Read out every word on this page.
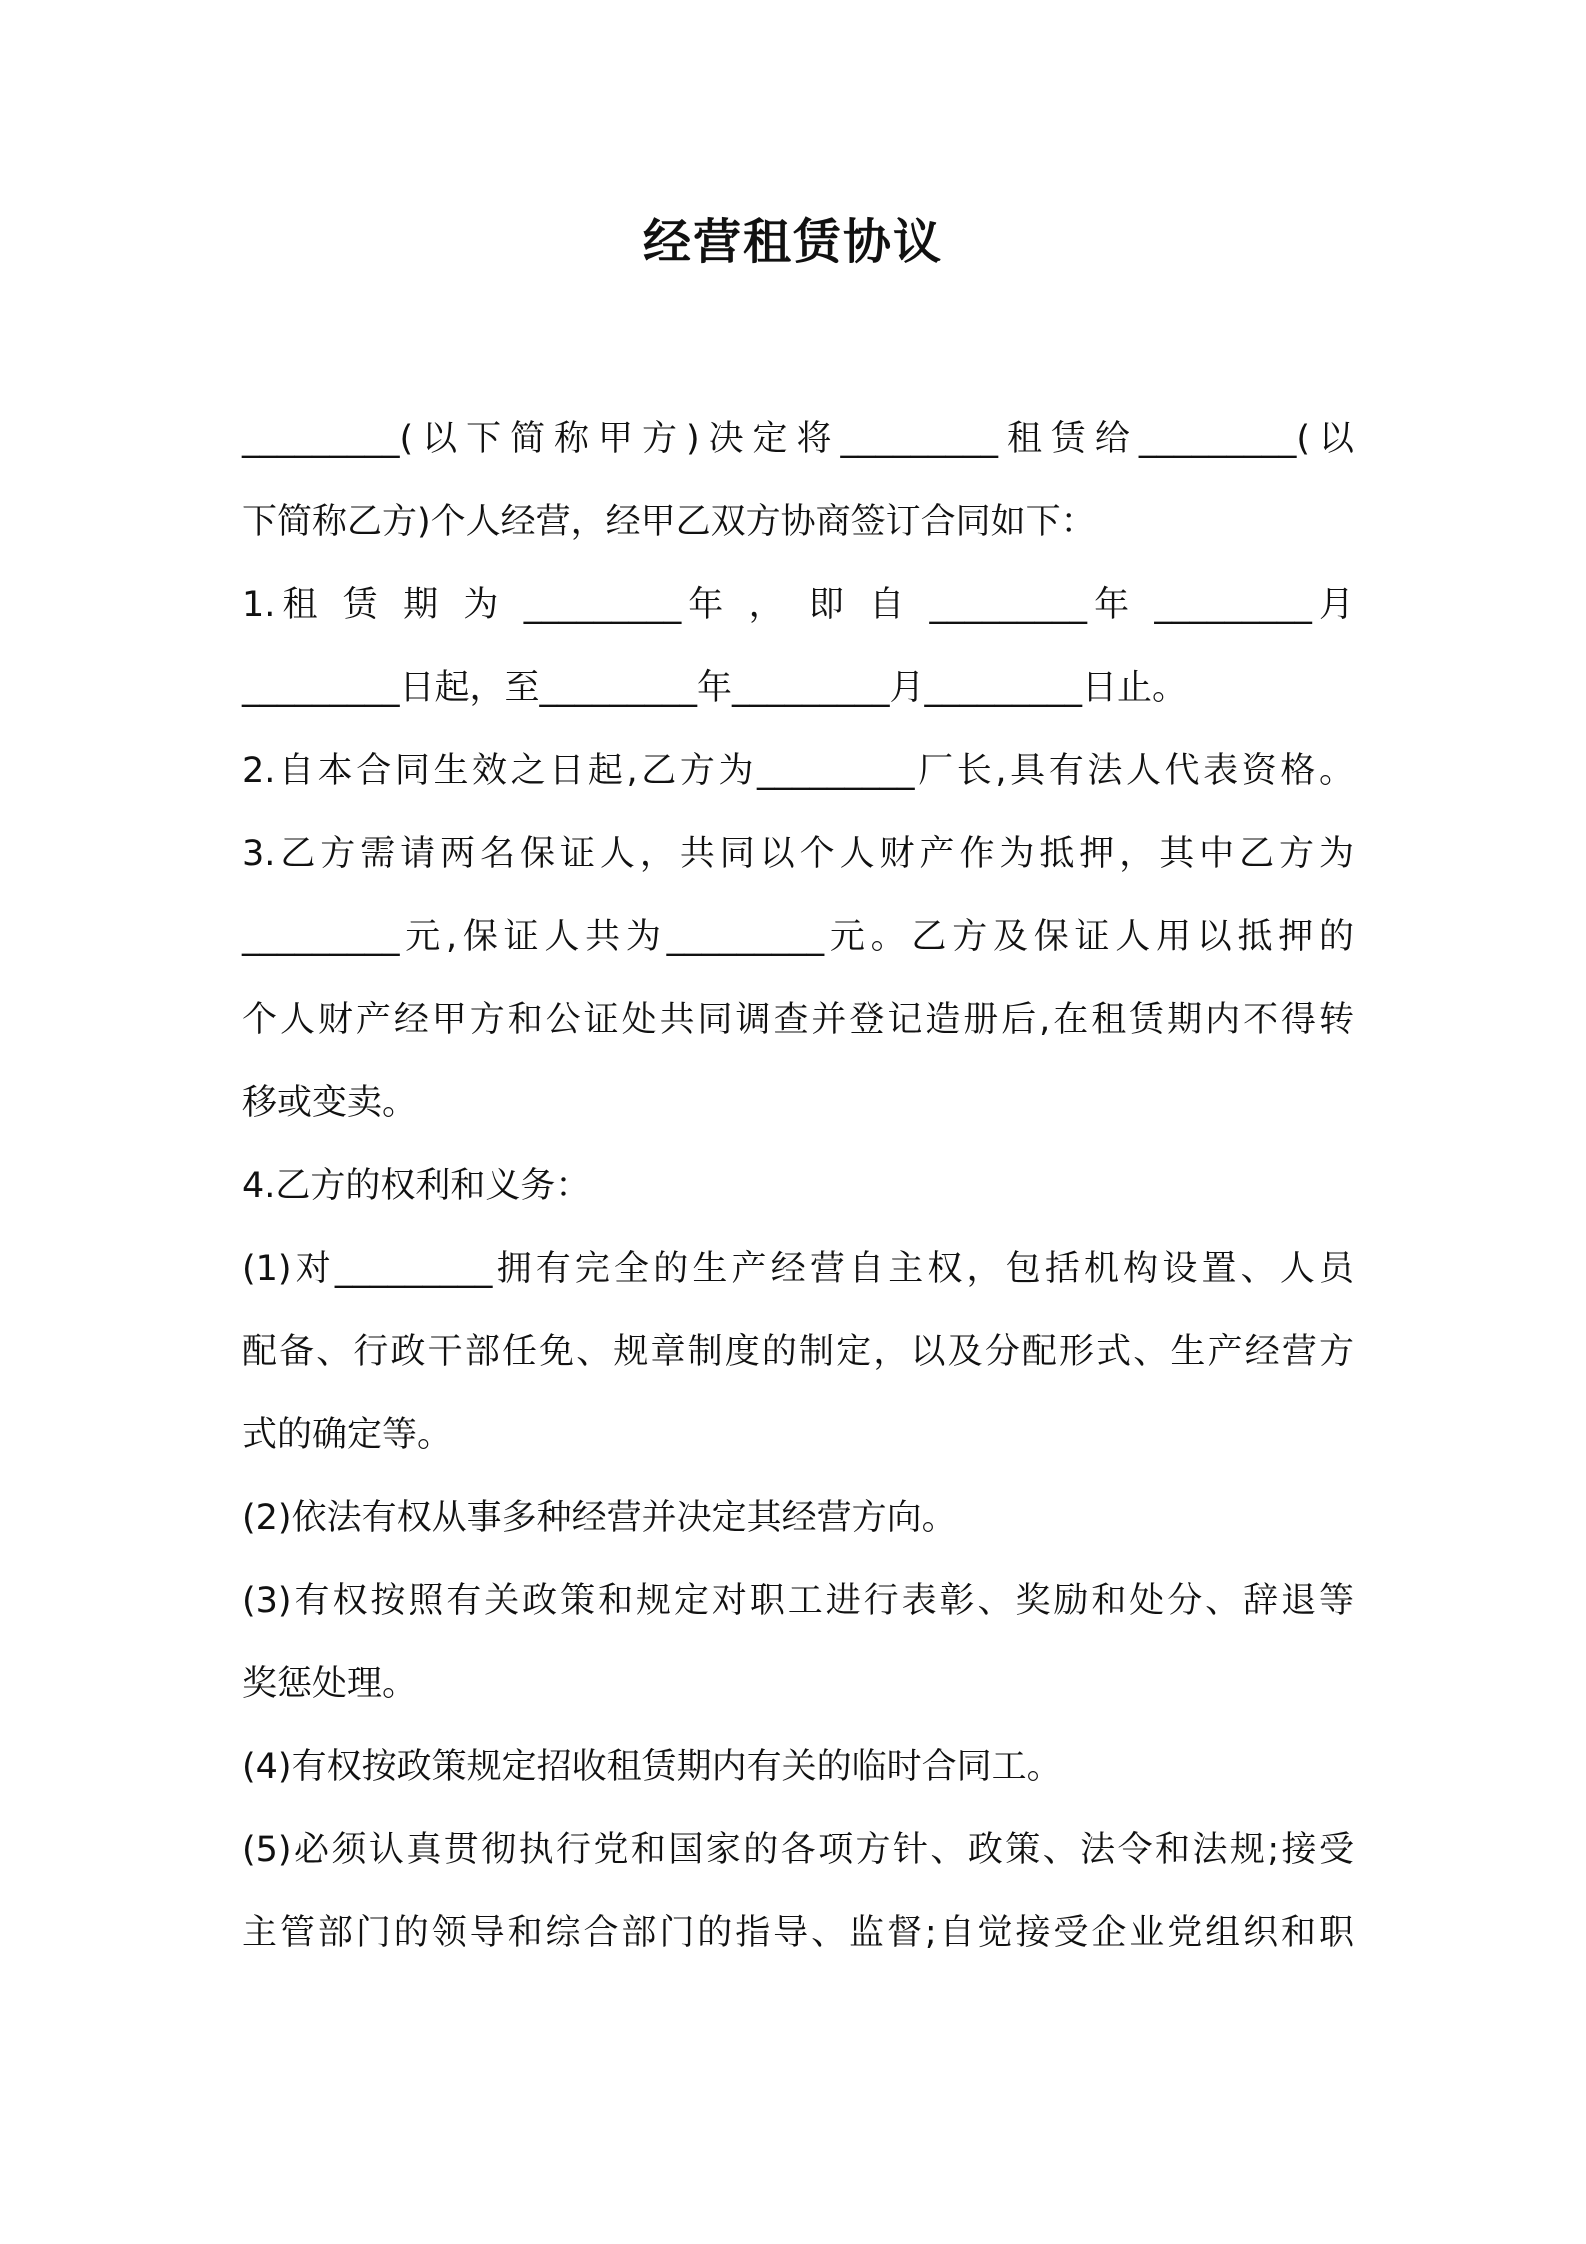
经营租赁协议
_________(以下简称甲方)决定将_________租赁给_________(以
下简称乙方)个人经营，经甲乙双方协商签订合同如下：
1.租 赁 期 为 _________年 ， 即 自 _________年 _________月
_________日起，至_________年_________月_________日止。
2.自本合同生效之日起,乙方为_________厂长,具有法人代表资格。
3.乙方需请两名保证人，共同以个人财产作为抵押，其中乙方为
_________元,保证人共为_________元。乙方及保证人用以抵押的
个人财产经甲方和公证处共同调查并登记造册后,在租赁期内不得转
移或变卖。
4.乙方的权利和义务：
(1)对_________拥有完全的生产经营自主权，包括机构设置、人员
配备、行政干部任免、规章制度的制定，以及分配形式、生产经营方
式的确定等。
(2)依法有权从事多种经营并决定其经营方向。
(3)有权按照有关政策和规定对职工进行表彰、奖励和处分、辞退等
奖惩处理。
(4)有权按政策规定招收租赁期内有关的临时合同工。
(5)必须认真贯彻执行党和国家的各项方针、政策、法令和法规;接受
主管部门的领导和综合部门的指导、监督;自觉接受企业党组织和职
